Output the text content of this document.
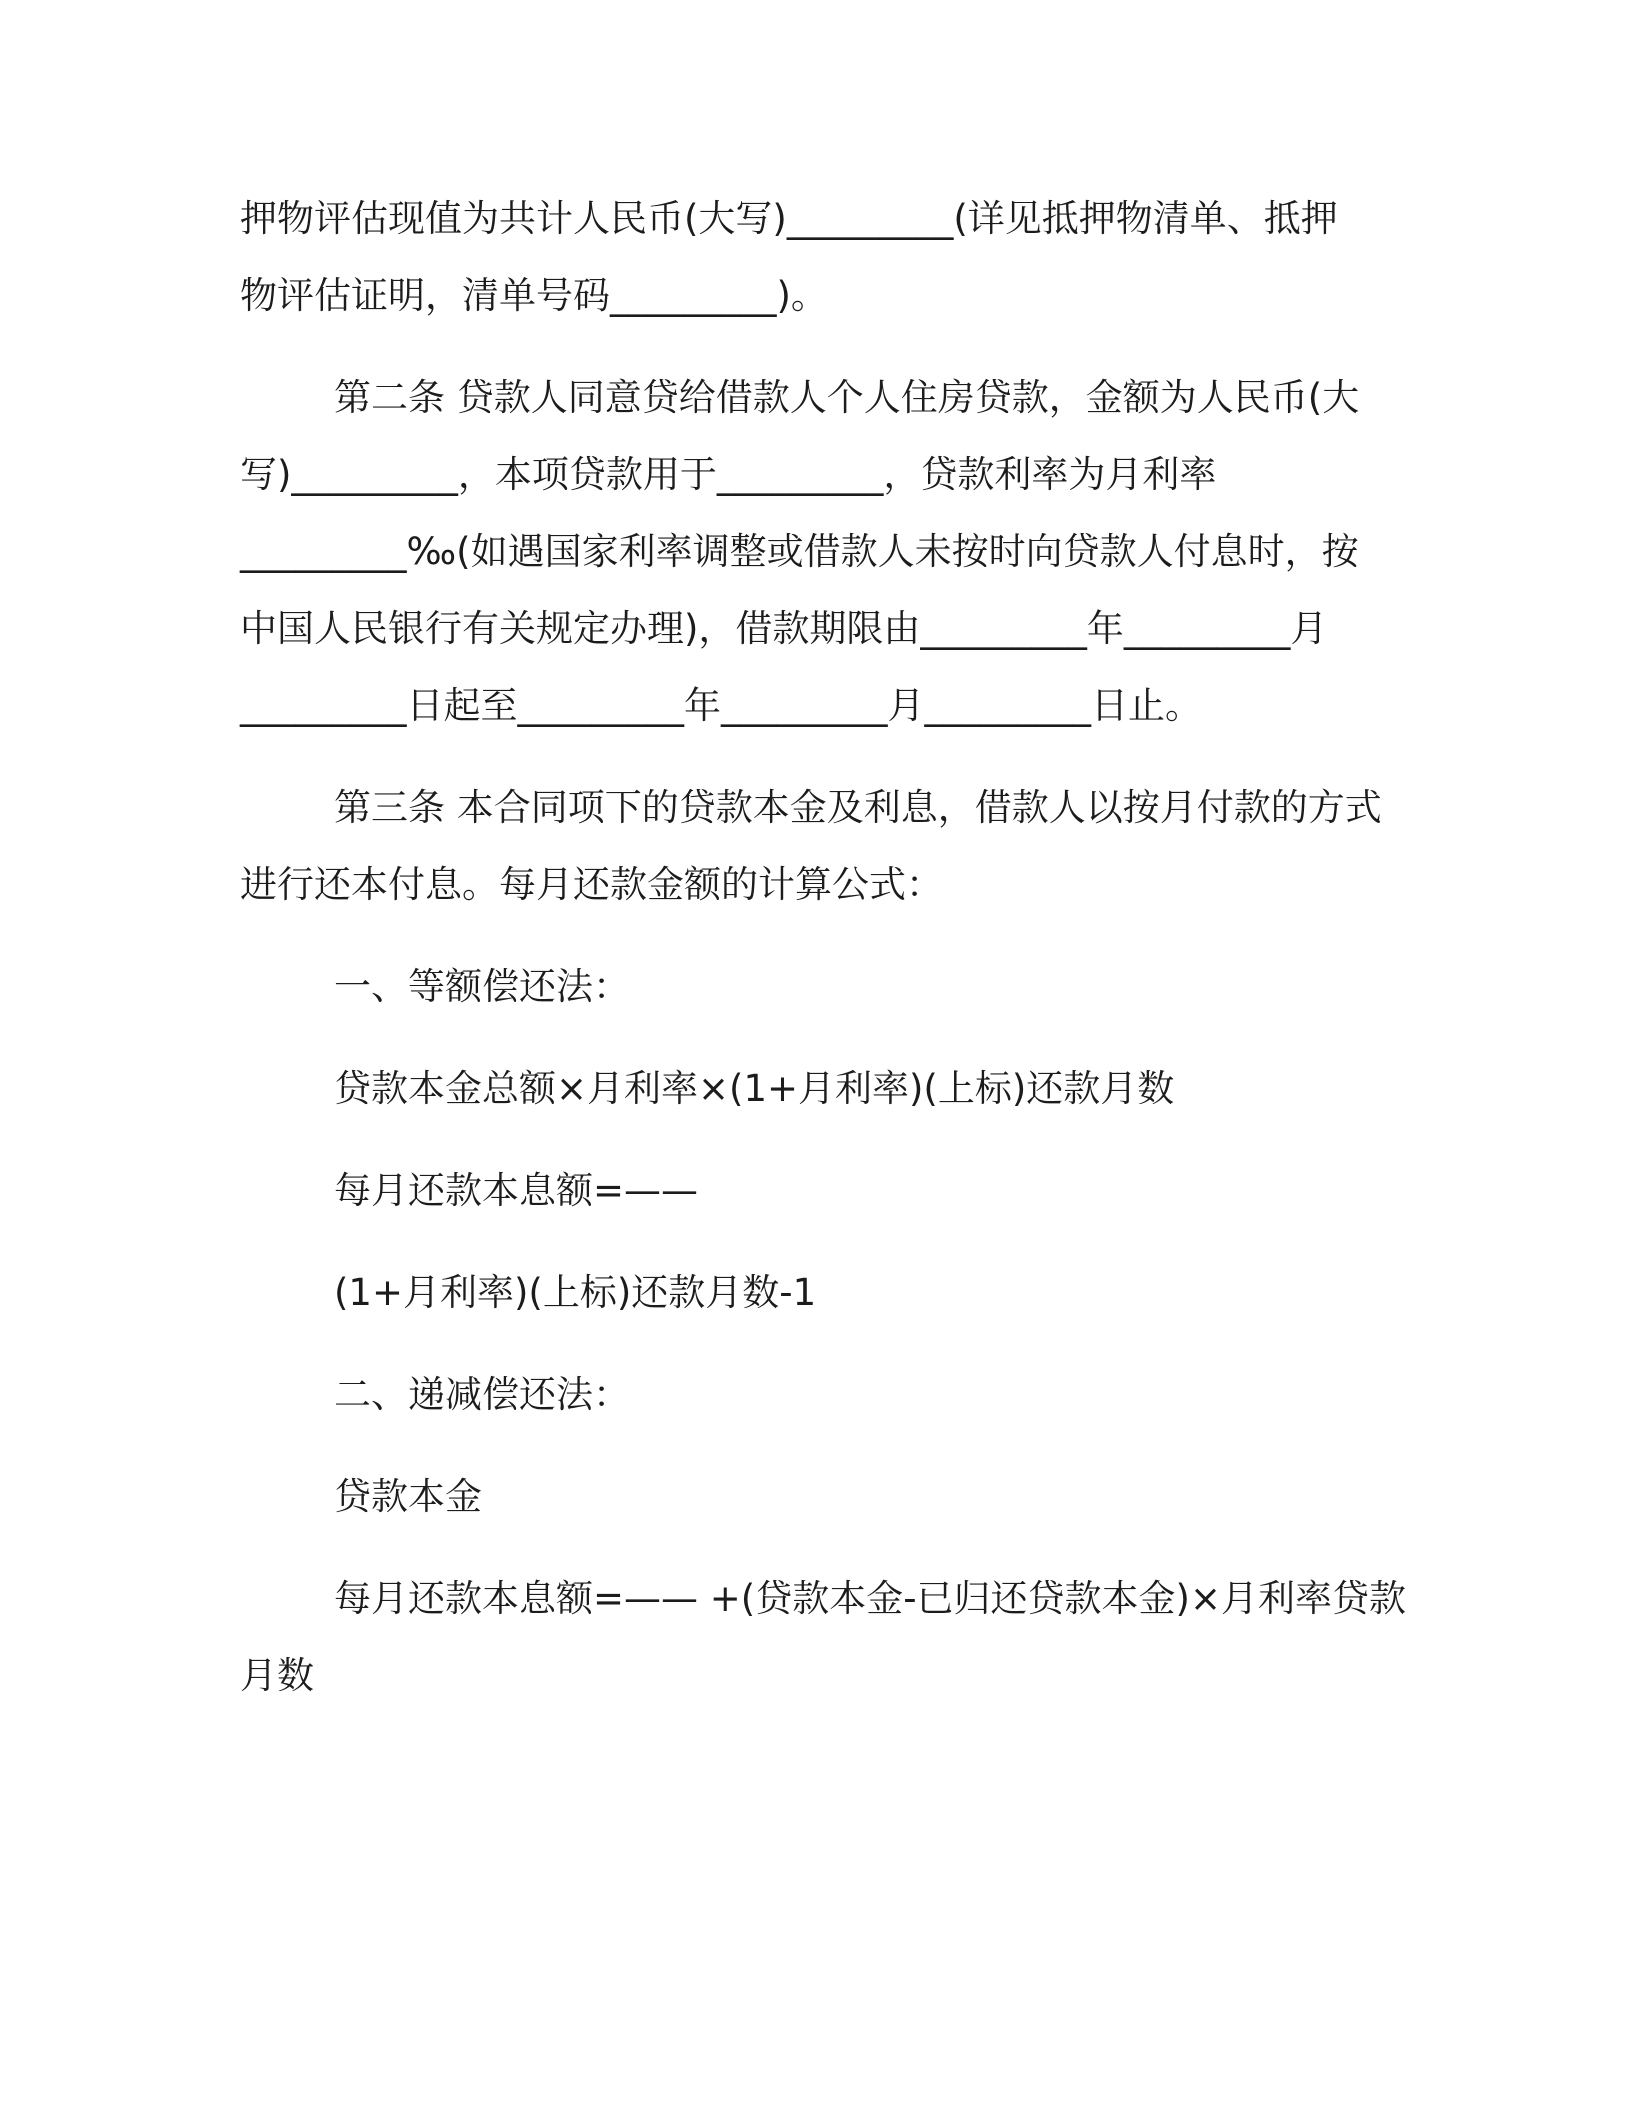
押物评估现值为共计人民币(大写)_________(详见抵押物清单、抵押
物评估证明，清单号码_________)。
第二条 贷款人同意贷给借款人个人住房贷款，金额为人民币(大
写)_________，本项贷款用于_________，贷款利率为月利率
_________‰(如遇国家利率调整或借款人未按时向贷款人付息时，按
中国人民银行有关规定办理)，借款期限由_________年_________月
_________日起至_________年_________月_________日止。
第三条 本合同项下的贷款本金及利息，借款人以按月付款的方式
进行还本付息。每月还款金额的计算公式：
一、等额偿还法：
贷款本金总额×月利率×(1+月利率)(上标)还款月数
每月还款本息额=——
(1+月利率)(上标)还款月数-1
二、递减偿还法：
贷款本金
每月还款本息额=—— +(贷款本金-已归还贷款本金)×月利率贷款
月数
